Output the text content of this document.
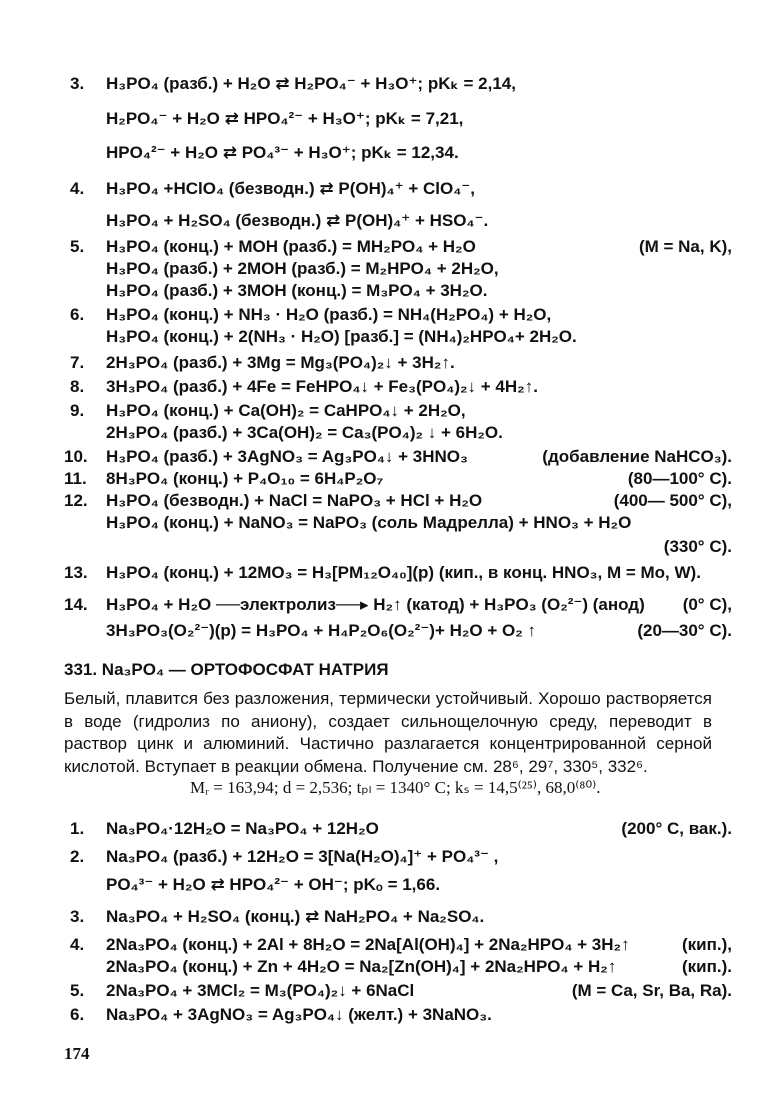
3. H₃PO₄ (разб.) + H₂O ⇄ H₂PO₄⁻ + H₃O⁺; pKₖ = 2,14,
H₂PO₄⁻ + H₂O ⇄ HPO₄²⁻ + H₃O⁺; pKₖ = 7,21,
HPO₄²⁻ + H₂O ⇄ PO₄³⁻ + H₃O⁺; pKₖ = 12,34.
4. H₃PO₄ +HClO₄ (безводн.) ⇄ P(OH)₄⁺ + ClO₄⁻,
H₃PO₄ + H₂SO₄ (безводн.) ⇄ P(OH)₄⁺ + HSO₄⁻.
5. H₃PO₄ (конц.) + MOH (разб.) = MH₂PO₄ + H₂O	(M = Na, K),
H₃PO₄ (разб.) + 2MOH (разб.) = M₂HPO₄ + 2H₂O,
H₃PO₄ (разб.) + 3MOH (конц.) = M₃PO₄ + 3H₂O.
6. H₃PO₄ (конц.) + NH₃ · H₂O (разб.) = NH₄(H₂PO₄) + H₂O,
H₃PO₄ (конц.) + 2(NH₃ · H₂O) [разб.] = (NH₄)₂HPO₄+ 2H₂O.
7. 2H₃PO₄ (разб.) + 3Mg = Mg₃(PO₄)₂↓ + 3H₂↑.
8. 3H₃PO₄ (разб.) + 4Fe = FeHPO₄↓ + Fe₃(PO₄)₂↓ + 4H₂↑.
9. H₃PO₄ (конц.) + Ca(OH)₂ = CaHPO₄↓ + 2H₂O,
2H₃PO₄ (разб.) + 3Ca(OH)₂ = Ca₃(PO₄)₂ ↓ + 6H₂O.
10. H₃PO₄ (разб.) + 3AgNO₃ = Ag₃PO₄↓ + 3HNO₃	(добавление NaHCO₃).
11. 8H₃PO₄ (конц.) + P₄O₁₀ = 6H₄P₂O₇	(80—100° C).
12. H₃PO₄ (безводн.) + NaCl = NaPO₃ + HCl + H₂O	(400— 500° C),
H₃PO₄ (конц.) + NaNO₃ = NaPO₃ (соль Мадрелла) + HNO₃ + H₂O
(330° C).
13. H₃PO₄ (конц.) + 12MO₃ = H₃[PM₁₂O₄₀](р) (кип., в конц. HNO₃, M = Mo, W).
14. H₃PO₄ + H₂O ──электролиз──▸ H₂↑ (катод) + H₃PO₃ (O₂²⁻) (анод) (0° C),
3H₃PO₃(O₂²⁻)(р) = H₃PO₄ + H₄P₂O₆(O₂²⁻)+ H₂O + O₂ ↑	(20—30° C).
331. Na₃PO₄ — ОРТОФОСФАТ НАТРИЯ
Белый, плавится без разложения, термически устойчивый. Хорошо растворяется в воде (гидролиз по аниону), создает сильнощелочную среду, переводит в раствор цинк и алюминий. Частично разлагается концентрированной серной кислотой. Вступает в реакции обмена. Получение см. 28⁶, 29⁷, 330⁵, 332⁶.
Mᵣ = 163,94; d = 2,536; tₚₗ = 1340° C; kₛ = 14,5⁽²⁵⁾, 68,0⁽⁸⁰⁾.
1. Na₃PO₄·12H₂O = Na₃PO₄ + 12H₂O	(200° C, вак.).
2. Na₃PO₄ (разб.) + 12H₂O = 3[Na(H₂O)₄]⁺ + PO₄³⁻ ,
PO₄³⁻ + H₂O ⇄ HPO₄²⁻ + OH⁻; pKₒ = 1,66.
3. Na₃PO₄ + H₂SO₄ (конц.) ⇄ NaH₂PO₄ + Na₂SO₄.
4. 2Na₃PO₄ (конц.) + 2Al + 8H₂O = 2Na[Al(OH)₄] + 2Na₂HPO₄ + 3H₂↑	(кип.),
2Na₃PO₄ (конц.) + Zn + 4H₂O = Na₂[Zn(OH)₄] + 2Na₂HPO₄ + H₂↑	(кип.).
5. 2Na₃PO₄ + 3MCl₂ = M₃(PO₄)₂↓ + 6NaCl	(M = Ca, Sr, Ba, Ra).
6. Na₃PO₄ + 3AgNO₃ = Ag₃PO₄↓ (желт.) + 3NaNO₃.
174
